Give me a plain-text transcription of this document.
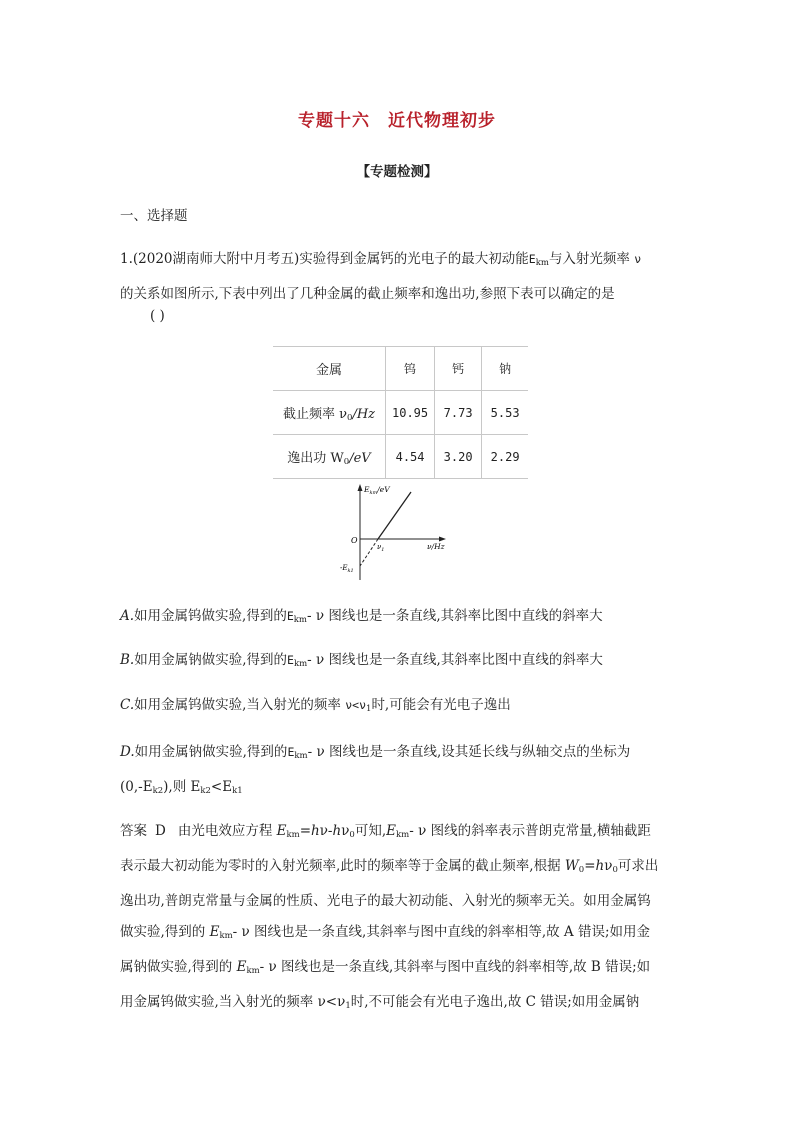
专题十六 近代物理初步
【专题检测】
一、选择题
1.(2020湖南师大附中月考五)实验得到金属钙的光电子的最大初动能$E_{km}$与入射光频率 ν
的关系如图所示,下表中列出了几种金属的截止频率和逸出功,参照下表可以确定的是
( )
金属	钨	钙	钠
截止频率 $\nu_0/Hz$	10.95	7.73	5.53
逸出功 $W_0/eV$	4.54	3.20	2.29
$E_{km}/eV$
O
ν/Hz
$\nu_1$
$-E_{k1}$
A.如用金属钨做实验,得到的$E_{km}-$ ν 图线也是一条直线,其斜率比图中直线的斜率大
B.如用金属钠做实验,得到的$E_{km}-$ ν 图线也是一条直线,其斜率比图中直线的斜率大
C.如用金属钨做实验,当入射光的频率 $\nu<\nu_1$时,可能会有光电子逸出
D.如用金属钠做实验,得到的$E_{km}-$ ν 图线也是一条直线,设其延长线与纵轴交点的坐标为
$(0,-E_{k2})$,则 $E_{k2}<E_{k1}$
答案 D 由光电效应方程 $E_{km}=h\nu-h\nu_0$可知$,E_{km}-$ ν 图线的斜率表示普朗克常量,横轴截距
表示最大初动能为零时的入射光频率,此时的频率等于金属的截止频率,根据 $W_0=h\nu_0$可求出
逸出功,普朗克常量与金属的性质、光电子的最大初动能、入射光的频率无关。如用金属钨
做实验,得到的 $E_{km}-$ ν 图线也是一条直线,其斜率与图中直线的斜率相等,故 A 错误;如用金
属钠做实验,得到的 $E_{km}-$ ν 图线也是一条直线,其斜率与图中直线的斜率相等,故 B 错误;如
用金属钨做实验,当入射光的频率 $\nu<\nu_1$时,不可能会有光电子逸出,故 C 错误;如用金属钠
